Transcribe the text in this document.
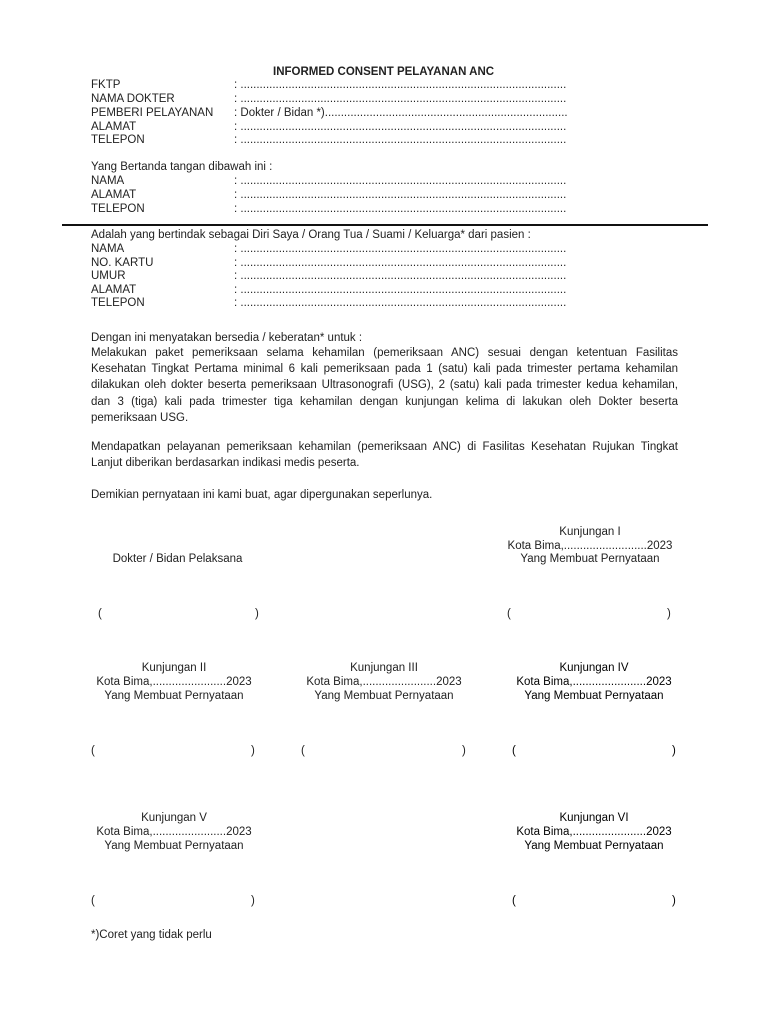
INFORMED CONSENT PELAYANAN ANC
FKTP	: ......................................................................................................
NAMA DOKTER	: ......................................................................................................
PEMBERI PELAYANAN : Dokter / Bidan *)............................................................................
ALAMAT	: ......................................................................................................
TELEPON	: ......................................................................................................
Yang Bertanda tangan dibawah ini :
NAMA	: ......................................................................................................
ALAMAT	: ......................................................................................................
TELEPON	: ......................................................................................................
Adalah yang bertindak sebagai Diri Saya / Orang Tua / Suami / Keluarga* dari pasien :
NAMA	: ......................................................................................................
NO. KARTU	: ......................................................................................................
UMUR	: ......................................................................................................
ALAMAT	: ......................................................................................................
TELEPON	: ......................................................................................................
Dengan ini menyatakan bersedia / keberatan* untuk :
Melakukan paket pemeriksaan selama kehamilan (pemeriksaan ANC) sesuai dengan ketentuan Fasilitas Kesehatan Tingkat Pertama minimal 6 kali pemeriksaan pada 1 (satu) kali pada trimester pertama kehamilan dilakukan oleh dokter beserta pemeriksaan Ultrasonografi (USG), 2 (satu) kali pada trimester kedua kehamilan, dan 3 (tiga) kali pada trimester tiga kehamilan dengan kunjungan kelima di lakukan oleh Dokter beserta pemeriksaan USG.
Mendapatkan pelayanan pemeriksaan kehamilan (pemeriksaan ANC) di Fasilitas Kesehatan Rujukan Tingkat Lanjut diberikan berdasarkan indikasi medis peserta.
Demikian pernyataan ini kami buat, agar dipergunakan seperlunya.
Dokter / Bidan Pelaksana
(	)
Kunjungan I
Kota Bima,..........................2023
Yang Membuat Pernyataan
(	)
Kunjungan II
Kota Bima,.......................2023
Yang Membuat Pernyataan
(	)
Kunjungan III
Kota Bima,.......................2023
Yang Membuat Pernyataan
(	)
Kunjungan IV
Kota Bima,.......................2023
Yang Membuat Pernyataan
(	)
Kunjungan V
Kota Bima,.......................2023
Yang Membuat Pernyataan
(	)
Kunjungan VI
Kota Bima,.......................2023
Yang Membuat Pernyataan
(	)
*)Coret yang tidak perlu
